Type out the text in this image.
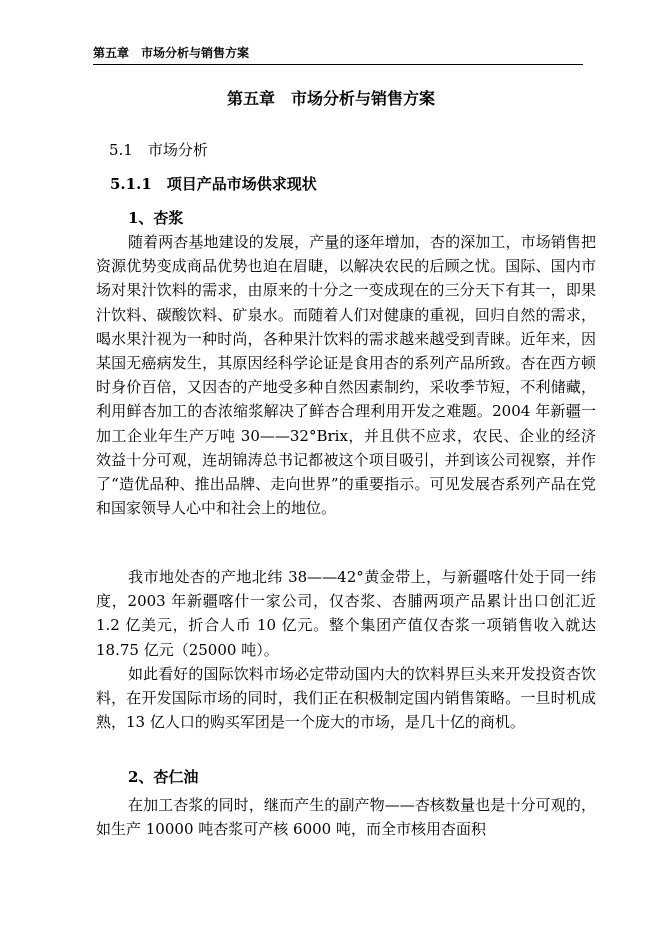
第五章　市场分析与销售方案
第五章　市场分析与销售方案
5.1　市场分析
5.1.1　项目产品市场供求现状
1、杏浆

随着两杏基地建设的发展，产量的逐年增加，杏的深加工，市场销售把资源优势变成商品优势也迫在眉睫，以解决农民的后顾之忧。国际、国内市场对果汁饮料的需求，由原来的十分之一变成现在的三分天下有其一，即果汁饮料、碳酸饮料、矿泉水。而随着人们对健康的重视，回归自然的需求，喝水果汁视为一种时尚，各种果汁饮料的需求越来越受到青睐。近年来，因某国无癌病发生，其原因经科学论证是食用杏的系列产品所致。杏在西方顿时身价百倍，又因杏的产地受多种自然因素制约，采收季节短，不利储藏，利用鲜杏加工的杏浓缩浆解决了鲜杏合理利用开发之难题。2004 年新疆一加工企业年生产万吨 30——32°Brix，并且供不应求，农民、企业的经济效益十分可观，连胡锦涛总书记都被这个项目吸引，并到该公司视察，并作了“造优品种、推出品牌、走向世界”的重要指示。可见发展杏系列产品在党和国家领导人心中和社会上的地位。

我市地处杏的产地北纬 38——42°黄金带上，与新疆喀什处于同一纬度，2003 年新疆喀什一家公司，仅杏浆、杏脯两项产品累计出口创汇近 1.2 亿美元，折合人币 10 亿元。整个集团产值仅杏浆一项销售收入就达 18.75 亿元（25000 吨）。

如此看好的国际饮料市场必定带动国内大的饮料界巨头来开发投资杏饮料，在开发国际市场的同时，我们正在积极制定国内销售策略。一旦时机成熟，13 亿人口的购买军团是一个庞大的市场，是几十亿的商机。

2、杏仁油

在加工杏浆的同时，继而产生的副产物——杏核数量也是十分可观的，如生产 10000 吨杏浆可产核 6000 吨，而全市核用杏面积
